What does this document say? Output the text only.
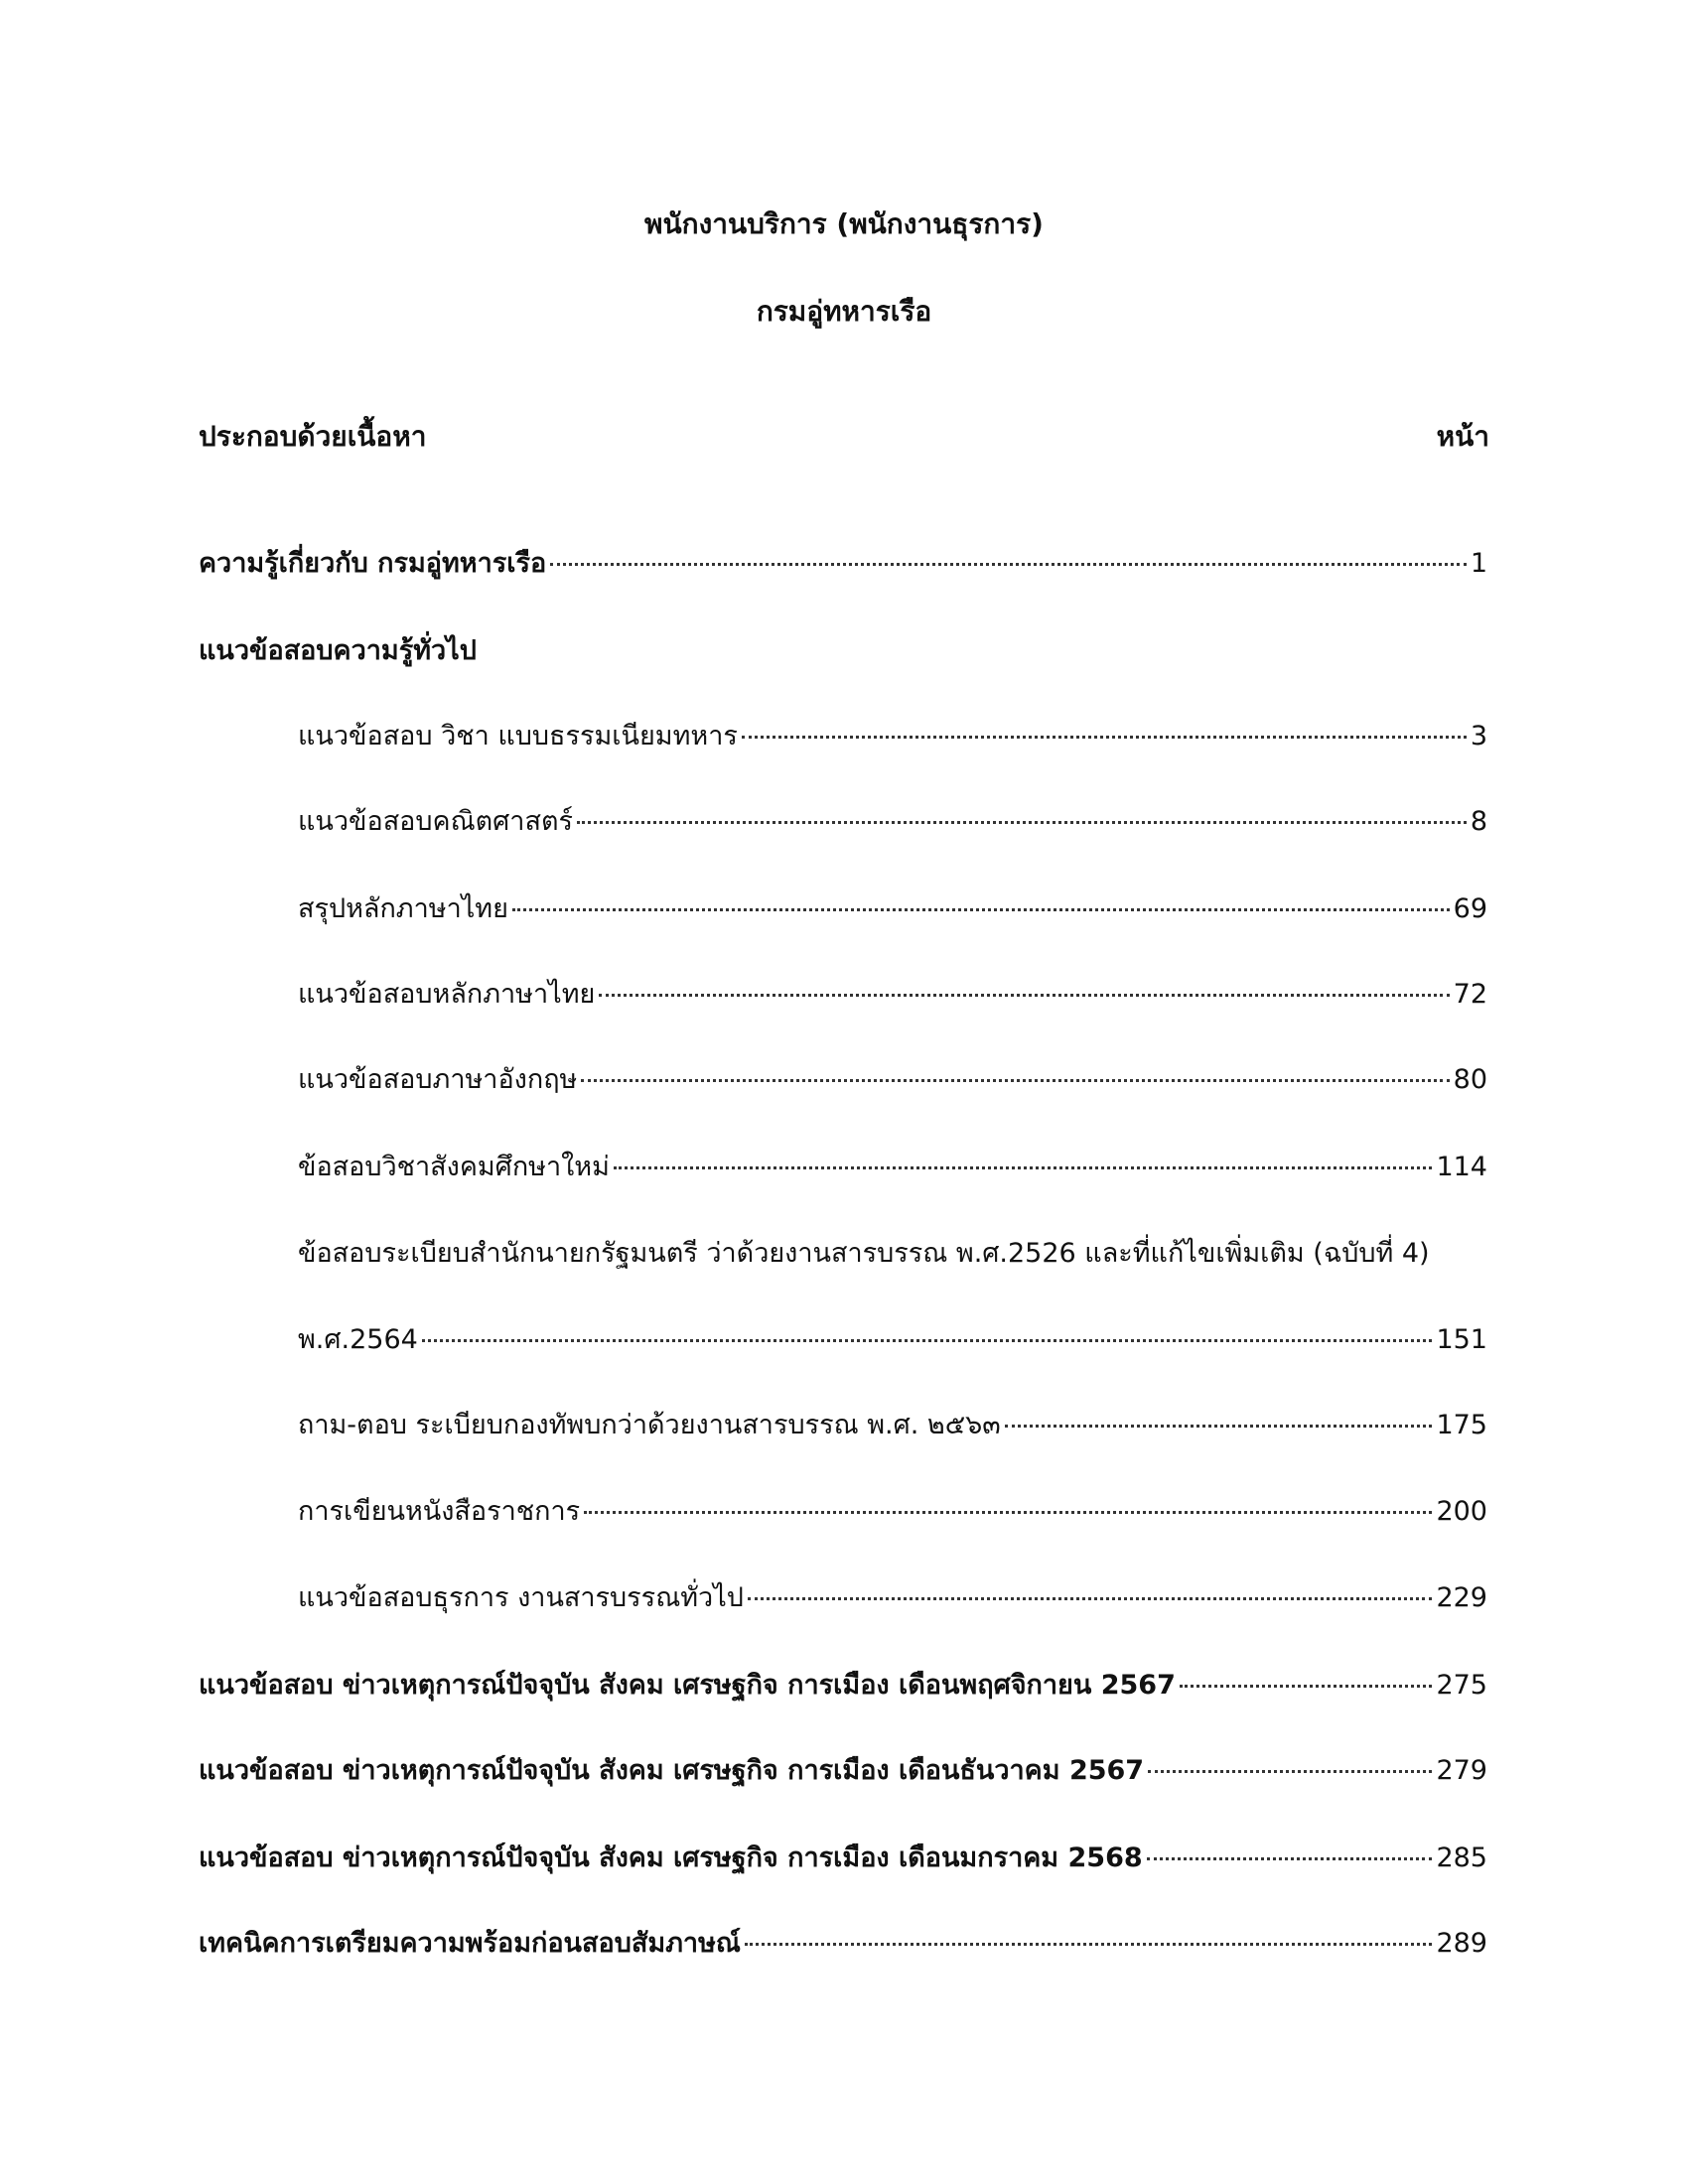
พนักงานบริการ (พนักงานธุรการ)
กรมอู่ทหารเรือ
ประกอบด้วยเนื้อหา	หน้า
ความรู้เกี่ยวกับ กรมอู่ทหารเรือ	1
แนวข้อสอบความรู้ทั่วไป
แนวข้อสอบ วิชา แบบธรรมเนียมทหาร	3
แนวข้อสอบคณิตศาสตร์	8
สรุปหลักภาษาไทย	69
แนวข้อสอบหลักภาษาไทย	72
แนวข้อสอบภาษาอังกฤษ	80
ข้อสอบวิชาสังคมศึกษาใหม่	114
ข้อสอบระเบียบสำนักนายกรัฐมนตรี ว่าด้วยงานสารบรรณ พ.ศ.2526 และที่แก้ไขเพิ่มเติม (ฉบับที่ 4)
พ.ศ.2564	151
ถาม-ตอบ ระเบียบกองทัพบกว่าด้วยงานสารบรรณ พ.ศ. ๒๕๖๓	175
การเขียนหนังสือราชการ	200
แนวข้อสอบธุรการ งานสารบรรณทั่วไป	229
แนวข้อสอบ ข่าวเหตุการณ์ปัจจุบัน สังคม เศรษฐกิจ การเมือง เดือนพฤศจิกายน 2567	275
แนวข้อสอบ ข่าวเหตุการณ์ปัจจุบัน สังคม เศรษฐกิจ การเมือง เดือนธันวาคม 2567	279
แนวข้อสอบ ข่าวเหตุการณ์ปัจจุบัน สังคม เศรษฐกิจ การเมือง เดือนมกราคม 2568	285
เทคนิคการเตรียมความพร้อมก่อนสอบสัมภาษณ์	289
